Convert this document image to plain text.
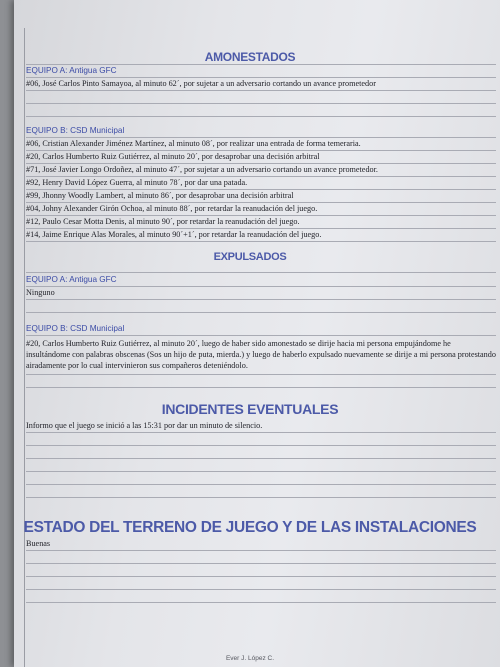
AMONESTADOS
EQUIPO A: Antigua GFC
#06, José Carlos Pinto Samayoa, al minuto 62´, por sujetar a un adversario cortando un avance prometedor
EQUIPO B: CSD Municipal
#06, Cristian Alexander Jiménez Martínez, al minuto 08´, por realizar una entrada de forma temeraria.
#20, Carlos Humberto Ruiz Gutiérrez, al minuto 20´, por desaprobar una decisión arbitral
#71, José Javier Longo Ordoñez, al minuto 47´, por sujetar a un adversario cortando un avance prometedor.
#92, Henry David López Guerra, al minuto 78´, por dar una patada.
#99, Jhonny Woodly Lambert, al minuto 86´, por desaprobar una decisión arbitral
#04, Johny Alexander Girón Ochoa, al minuto 88´, por retardar la reanudación del juego.
#12, Paulo Cesar Motta Denis, al minuto 90´, por retardar la reanudación del juego.
#14, Jaime Enrique Alas Morales, al minuto 90´+1´, por retardar la reanudación del juego.
EXPULSADOS
EQUIPO A: Antigua GFC
Ninguno
EQUIPO B: CSD Municipal
#20, Carlos Humberto Ruiz Gutiérrez, al minuto 20´, luego de haber sido amonestado se dirije hacia mi persona empujándome he insultándome con palabras obscenas (Sos un hijo de puta, mierda.) y luego de haberlo expulsado nuevamente se dirije a mi persona protestando airadamente por lo cual intervinieron sus compañeros deteniéndolo.
INCIDENTES EVENTUALES
Informo que el juego se inició a las 15:31 por dar un minuto de silencio.
ESTADO DEL TERRENO DE JUEGO Y DE LAS INSTALACIONES
Buenas
Ever J. López C.
